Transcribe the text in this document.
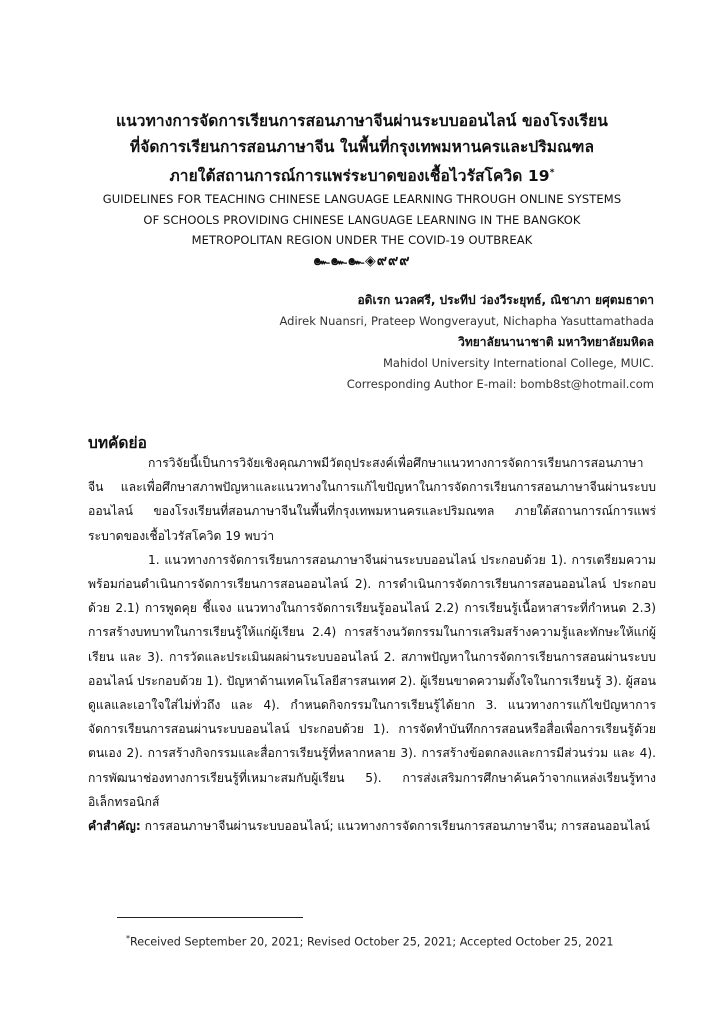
แนวทางการจัดการเรียนการสอนภาษาจีนผ่านระบบออนไลน์ ของโรงเรียน

ที่จัดการเรียนการสอนภาษาจีน ในพื้นที่กรุงเทพมหานครและปริมณฑล

ภายใต้สถานการณ์การแพร่ระบาดของเชื้อไวรัสโควิด 19*

GUIDELINES FOR TEACHING CHINESE LANGUAGE LEARNING THROUGH ONLINE SYSTEMS

OF SCHOOLS PROVIDING CHINESE LANGUAGE LEARNING IN THE BANGKOK

METROPOLITAN REGION UNDER THE COVID-19 OUTBREAK

๛๛๛◈๙๙๙
อดิเรก นวลศรี, ประทีป ว่องวีระยุทธ์, ณิชาภา ยศุตมธาดา
Adirek Nuansri, Prateep Wongverayut, Nichapha Yasuttamathada
วิทยาลัยนานาชาติ มหาวิทยาลัยมหิดล
Mahidol University International College, MUIC.
Corresponding Author E-mail: bomb8st@hotmail.com
บทคัดย่อ

การวิจัยนี้เป็นการวิจัยเชิงคุณภาพมีวัตถุประสงค์เพื่อศึกษาแนวทางการจัดการเรียนการสอนภาษาจีน และเพื่อศึกษาสภาพปัญหาและแนวทางในการแก้ไขปัญหาในการจัดการเรียนการสอนภาษาจีนผ่านระบบออนไลน์ ของโรงเรียนที่สอนภาษาจีนในพื้นที่กรุงเทพมหานครและปริมณฑล ภายใต้สถานการณ์การแพร่ระบาดของเชื้อไวรัสโควิด 19 พบว่า

1. แนวทางการจัดการเรียนการสอนภาษาจีนผ่านระบบออนไลน์ ประกอบด้วย 1). การเตรียมความพร้อมก่อนดำเนินการจัดการเรียนการสอนออนไลน์ 2). การดำเนินการจัดการเรียนการสอนออนไลน์ ประกอบด้วย 2.1) การพูดคุย ชี้แจง แนวทางในการจัดการเรียนรู้ออนไลน์ 2.2) การเรียนรู้เนื้อหาสาระที่กำหนด 2.3) การสร้างบทบาทในการเรียนรู้ให้แก่ผู้เรียน 2.4) การสร้างนวัตกรรมในการเสริมสร้างความรู้และทักษะให้แก่ผู้เรียน และ 3). การวัดและประเมินผลผ่านระบบออนไลน์ 2. สภาพปัญหาในการจัดการเรียนการสอนผ่านระบบออนไลน์ ประกอบด้วย 1). ปัญหาด้านเทคโนโลยีสารสนเทศ 2). ผู้เรียนขาดความตั้งใจในการเรียนรู้ 3). ผู้สอนดูแลและเอาใจใส่ไม่ทั่วถึง และ 4). กำหนดกิจกรรมในการเรียนรู้ได้ยาก 3. แนวทางการแก้ไขปัญหาการจัดการเรียนการสอนผ่านระบบออนไลน์ ประกอบด้วย 1). การจัดทำบันทึกการสอนหรือสื่อเพื่อการเรียนรู้ด้วยตนเอง 2). การสร้างกิจกรรมและสื่อการเรียนรู้ที่หลากหลาย 3). การสร้างข้อตกลงและการมีส่วนร่วม และ 4). การพัฒนาช่องทางการเรียนรู้ที่เหมาะสมกับผู้เรียน 5). การส่งเสริมการศึกษาค้นคว้าจากแหล่งเรียนรู้ทางอิเล็กทรอนิกส์

คำสำคัญ: การสอนภาษาจีนผ่านระบบออนไลน์; แนวทางการจัดการเรียนการสอนภาษาจีน; การสอนออนไลน์

*Received September 20, 2021; Revised October 25, 2021; Accepted October 25, 2021
